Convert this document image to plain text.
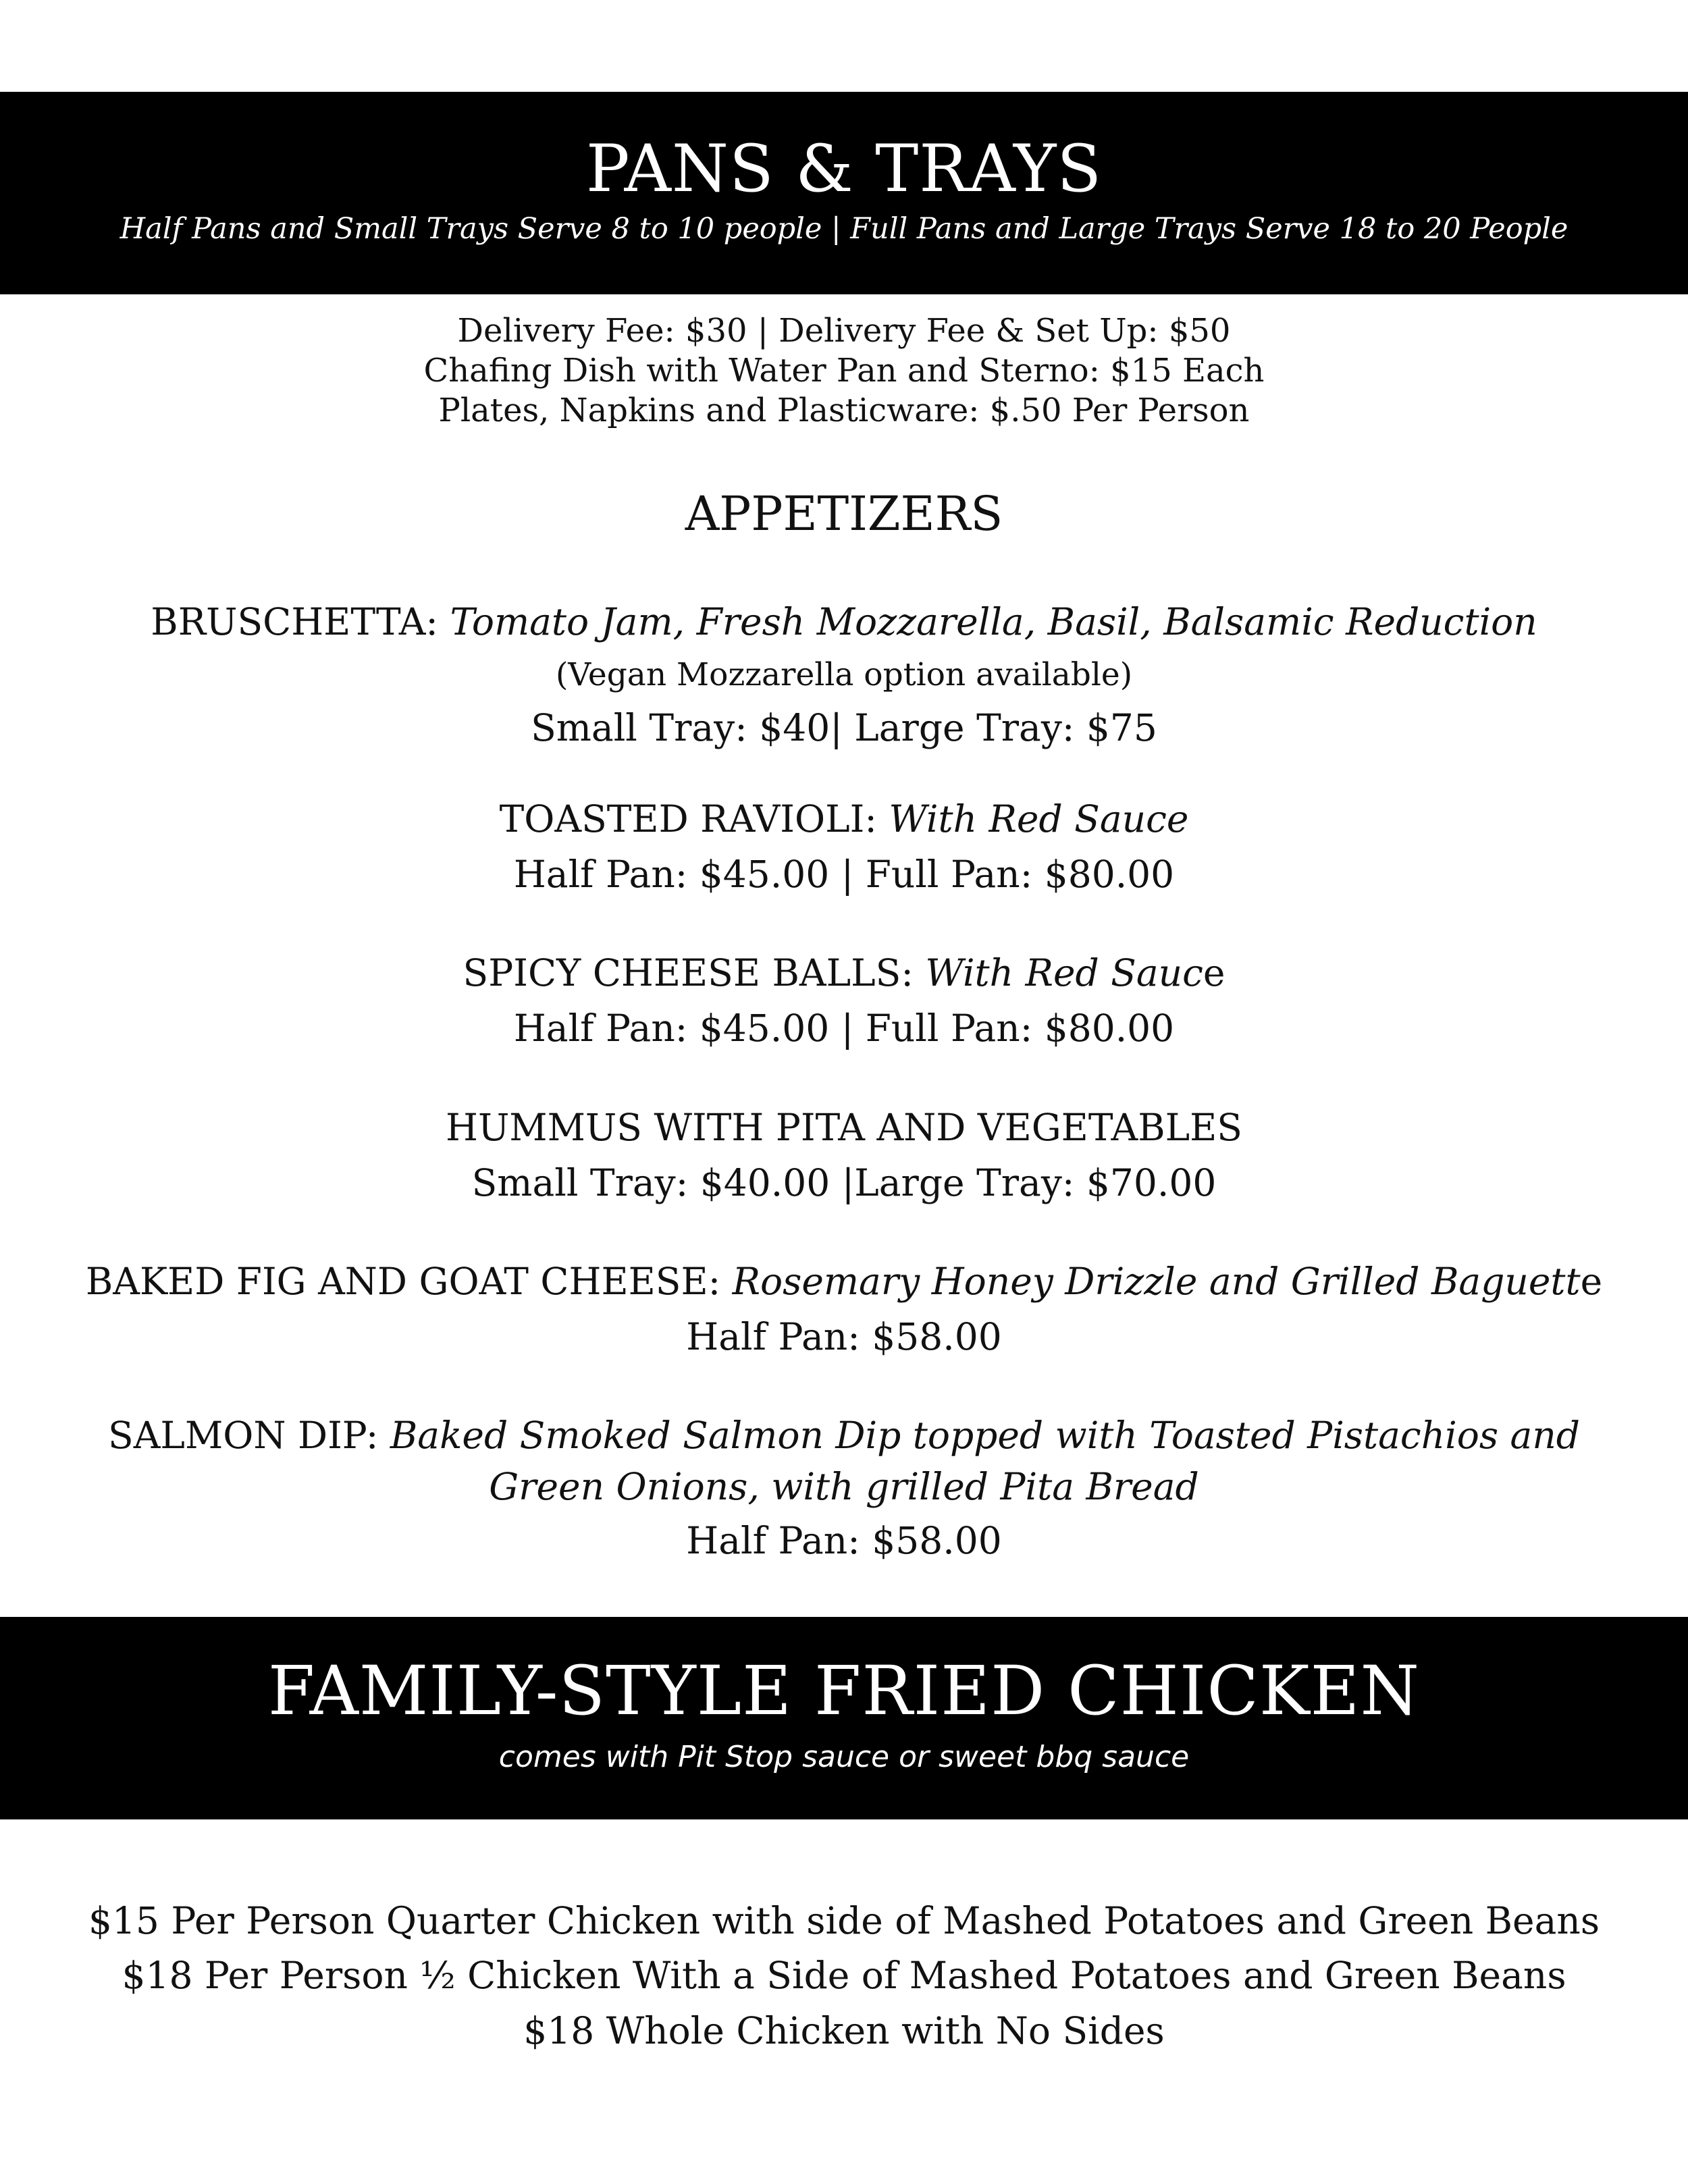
PANS & TRAYS
Half Pans and Small Trays Serve 8 to 10 people | Full Pans and Large Trays Serve 18 to 20 People
Delivery Fee: $30 | Delivery Fee & Set Up: $50
Chafing Dish with Water Pan and Sterno: $15 Each
Plates, Napkins and Plasticware: $.50 Per Person
APPETIZERS
BRUSCHETTA: Tomato Jam, Fresh Mozzarella, Basil, Balsamic Reduction
(Vegan Mozzarella option available)
Small Tray: $40| Large Tray: $75
TOASTED RAVIOLI: With Red Sauce
Half Pan: $45.00 | Full Pan: $80.00
SPICY CHEESE BALLS: With Red Sauce
Half Pan: $45.00 | Full Pan: $80.00
HUMMUS WITH PITA AND VEGETABLES
Small Tray: $40.00 |Large Tray: $70.00
BAKED FIG AND GOAT CHEESE: Rosemary Honey Drizzle and Grilled Baguette
Half Pan: $58.00
SALMON DIP: Baked Smoked Salmon Dip topped with Toasted Pistachios and
Green Onions, with grilled Pita Bread
Half Pan: $58.00
FAMILY-STYLE FRIED CHICKEN
comes with Pit Stop sauce or sweet bbq sauce
$15 Per Person Quarter Chicken with side of Mashed Potatoes and Green Beans
$18 Per Person ½ Chicken With a Side of Mashed Potatoes and Green Beans
$18 Whole Chicken with No Sides
